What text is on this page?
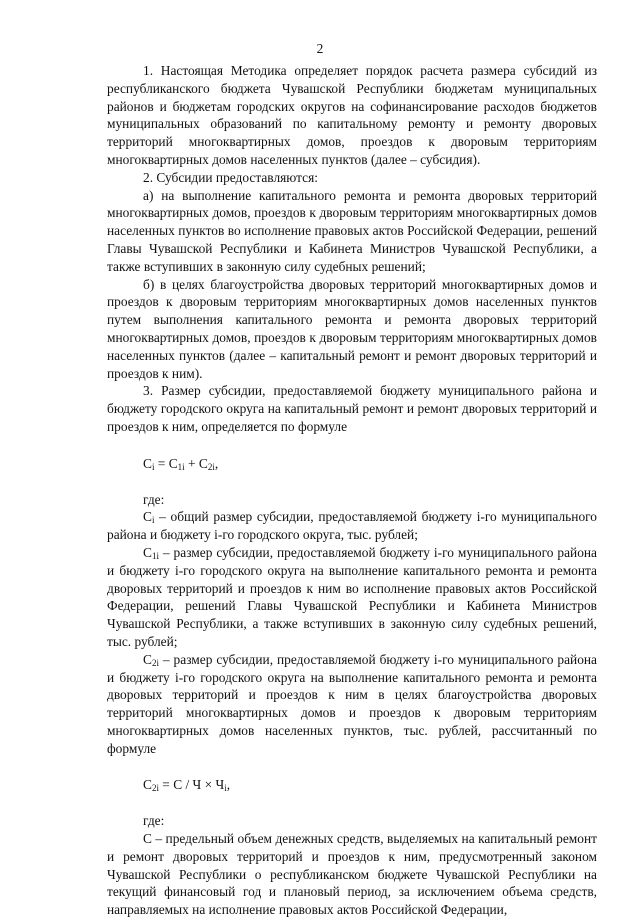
2

1. Настоящая Методика определяет порядок расчета размера субсидий из республиканского бюджета Чувашской Республики бюджетам муниципальных районов и бюджетам городских округов на софинансирование расходов бюджетов муниципальных образований по капитальному ремонту и ремонту дворовых территорий многоквартирных домов, проездов к дворовым территориям многоквартирных домов населенных пунктов (далее – субсидия).

2. Субсидии предоставляются:

а) на выполнение капитального ремонта и ремонта дворовых территорий многоквартирных домов, проездов к дворовым территориям многоквартирных домов населенных пунктов во исполнение правовых актов Российской Федерации, решений Главы Чувашской Республики и Кабинета Министров Чувашской Республики, а также вступивших в законную силу судебных решений;

б) в целях благоустройства дворовых территорий многоквартирных домов и проездов к дворовым территориям многоквартирных домов населенных пунктов путем выполнения капитального ремонта и ремонта дворовых территорий многоквартирных домов, проездов к дворовым территориям многоквартирных домов населенных пунктов (далее – капитальный ремонт и ремонт дворовых территорий и проездов к ним).

3. Размер субсидии, предоставляемой бюджету муниципального района и бюджету городского округа на капитальный ремонт и ремонт дворовых территорий и проездов к ним, определяется по формуле

$C_i = C_{1i} + C_{2i}$,

где:

$C_i$ – общий размер субсидии, предоставляемой бюджету i-го муниципального района и бюджету i-го городского округа, тыс. рублей;

$C_{1i}$ – размер субсидии, предоставляемой бюджету i-го муниципального района и бюджету i-го городского округа на выполнение капитального ремонта и ремонта дворовых территорий и проездов к ним во исполнение правовых актов Российской Федерации, решений Главы Чувашской Республики и Кабинета Министров Чувашской Республики, а также вступивших в законную силу судебных решений, тыс. рублей;

$C_{2i}$ – размер субсидии, предоставляемой бюджету i-го муниципального района и бюджету i-го городского округа на выполнение капитального ремонта и ремонта дворовых территорий и проездов к ним в целях благоустройства дворовых территорий многоквартирных домов и проездов к дворовым территориям многоквартирных домов населенных пунктов, тыс. рублей, рассчитанный по формуле

$C_{2i} = C / Ч \times Ч_i$,

где:

С – предельный объем денежных средств, выделяемых на капитальный ремонт и ремонт дворовых территорий и проездов к ним, предусмотренный законом Чувашской Республики о республиканском бюджете Чувашской Республики на текущий финансовый год и плановый период, за исключением объема средств, направляемых на исполнение правовых актов Российской Федерации,
